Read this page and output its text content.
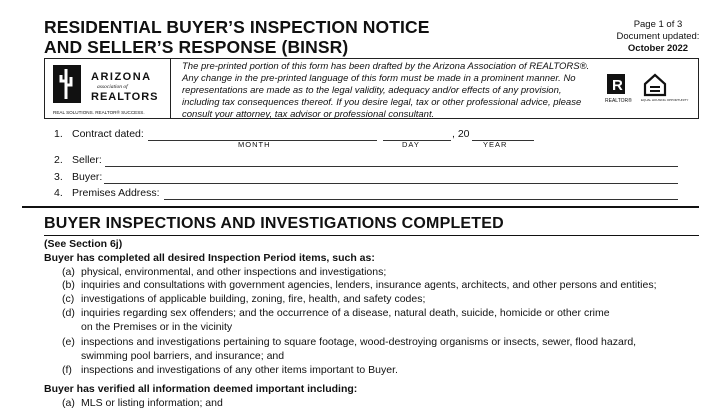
RESIDENTIAL BUYER’S INSPECTION NOTICE
AND SELLER’S RESPONSE (BINSR)
Page 1 of 3
Document updated:
October 2022
ARIZONA
association of
REALTORS
REAL SOLUTIONS. REALTOR® SUCCESS.
The pre-printed portion of this form has been drafted by the Arizona Association of REALTORS®. Any change in the pre-printed language of this form must be made in a prominent manner. No representations are made as to the legal validity, adequacy and/or effects of any provision, including tax consequences thereof. If you desire legal, tax or other professional advice, please consult your attorney, tax advisor or professional consultant.
R
REALTOR®	EQUAL HOUSING OPPORTUNITY
1. Contract dated:	, 20
MONTH	DAY	YEAR
2. Seller:
3. Buyer:
4. Premises Address:
BUYER INSPECTIONS AND INVESTIGATIONS COMPLETED
(See Section 6j)
Buyer has completed all desired Inspection Period items, such as:
(a) physical, environmental, and other inspections and investigations;
(b) inquiries and consultations with government agencies, lenders, insurance agents, architects, and other persons and entities;
(c) investigations of applicable building, zoning, fire, health, and safety codes;
(d) inquiries regarding sex offenders; and the occurrence of a disease, natural death, suicide, homicide or other crime
on the Premises or in the vicinity
(e) inspections and investigations pertaining to square footage, wood-destroying organisms or insects, sewer, flood hazard,
swimming pool barriers, and insurance; and
(f) inspections and investigations of any other items important to Buyer.
Buyer has verified all information deemed important including:
(a) MLS or listing information; and
